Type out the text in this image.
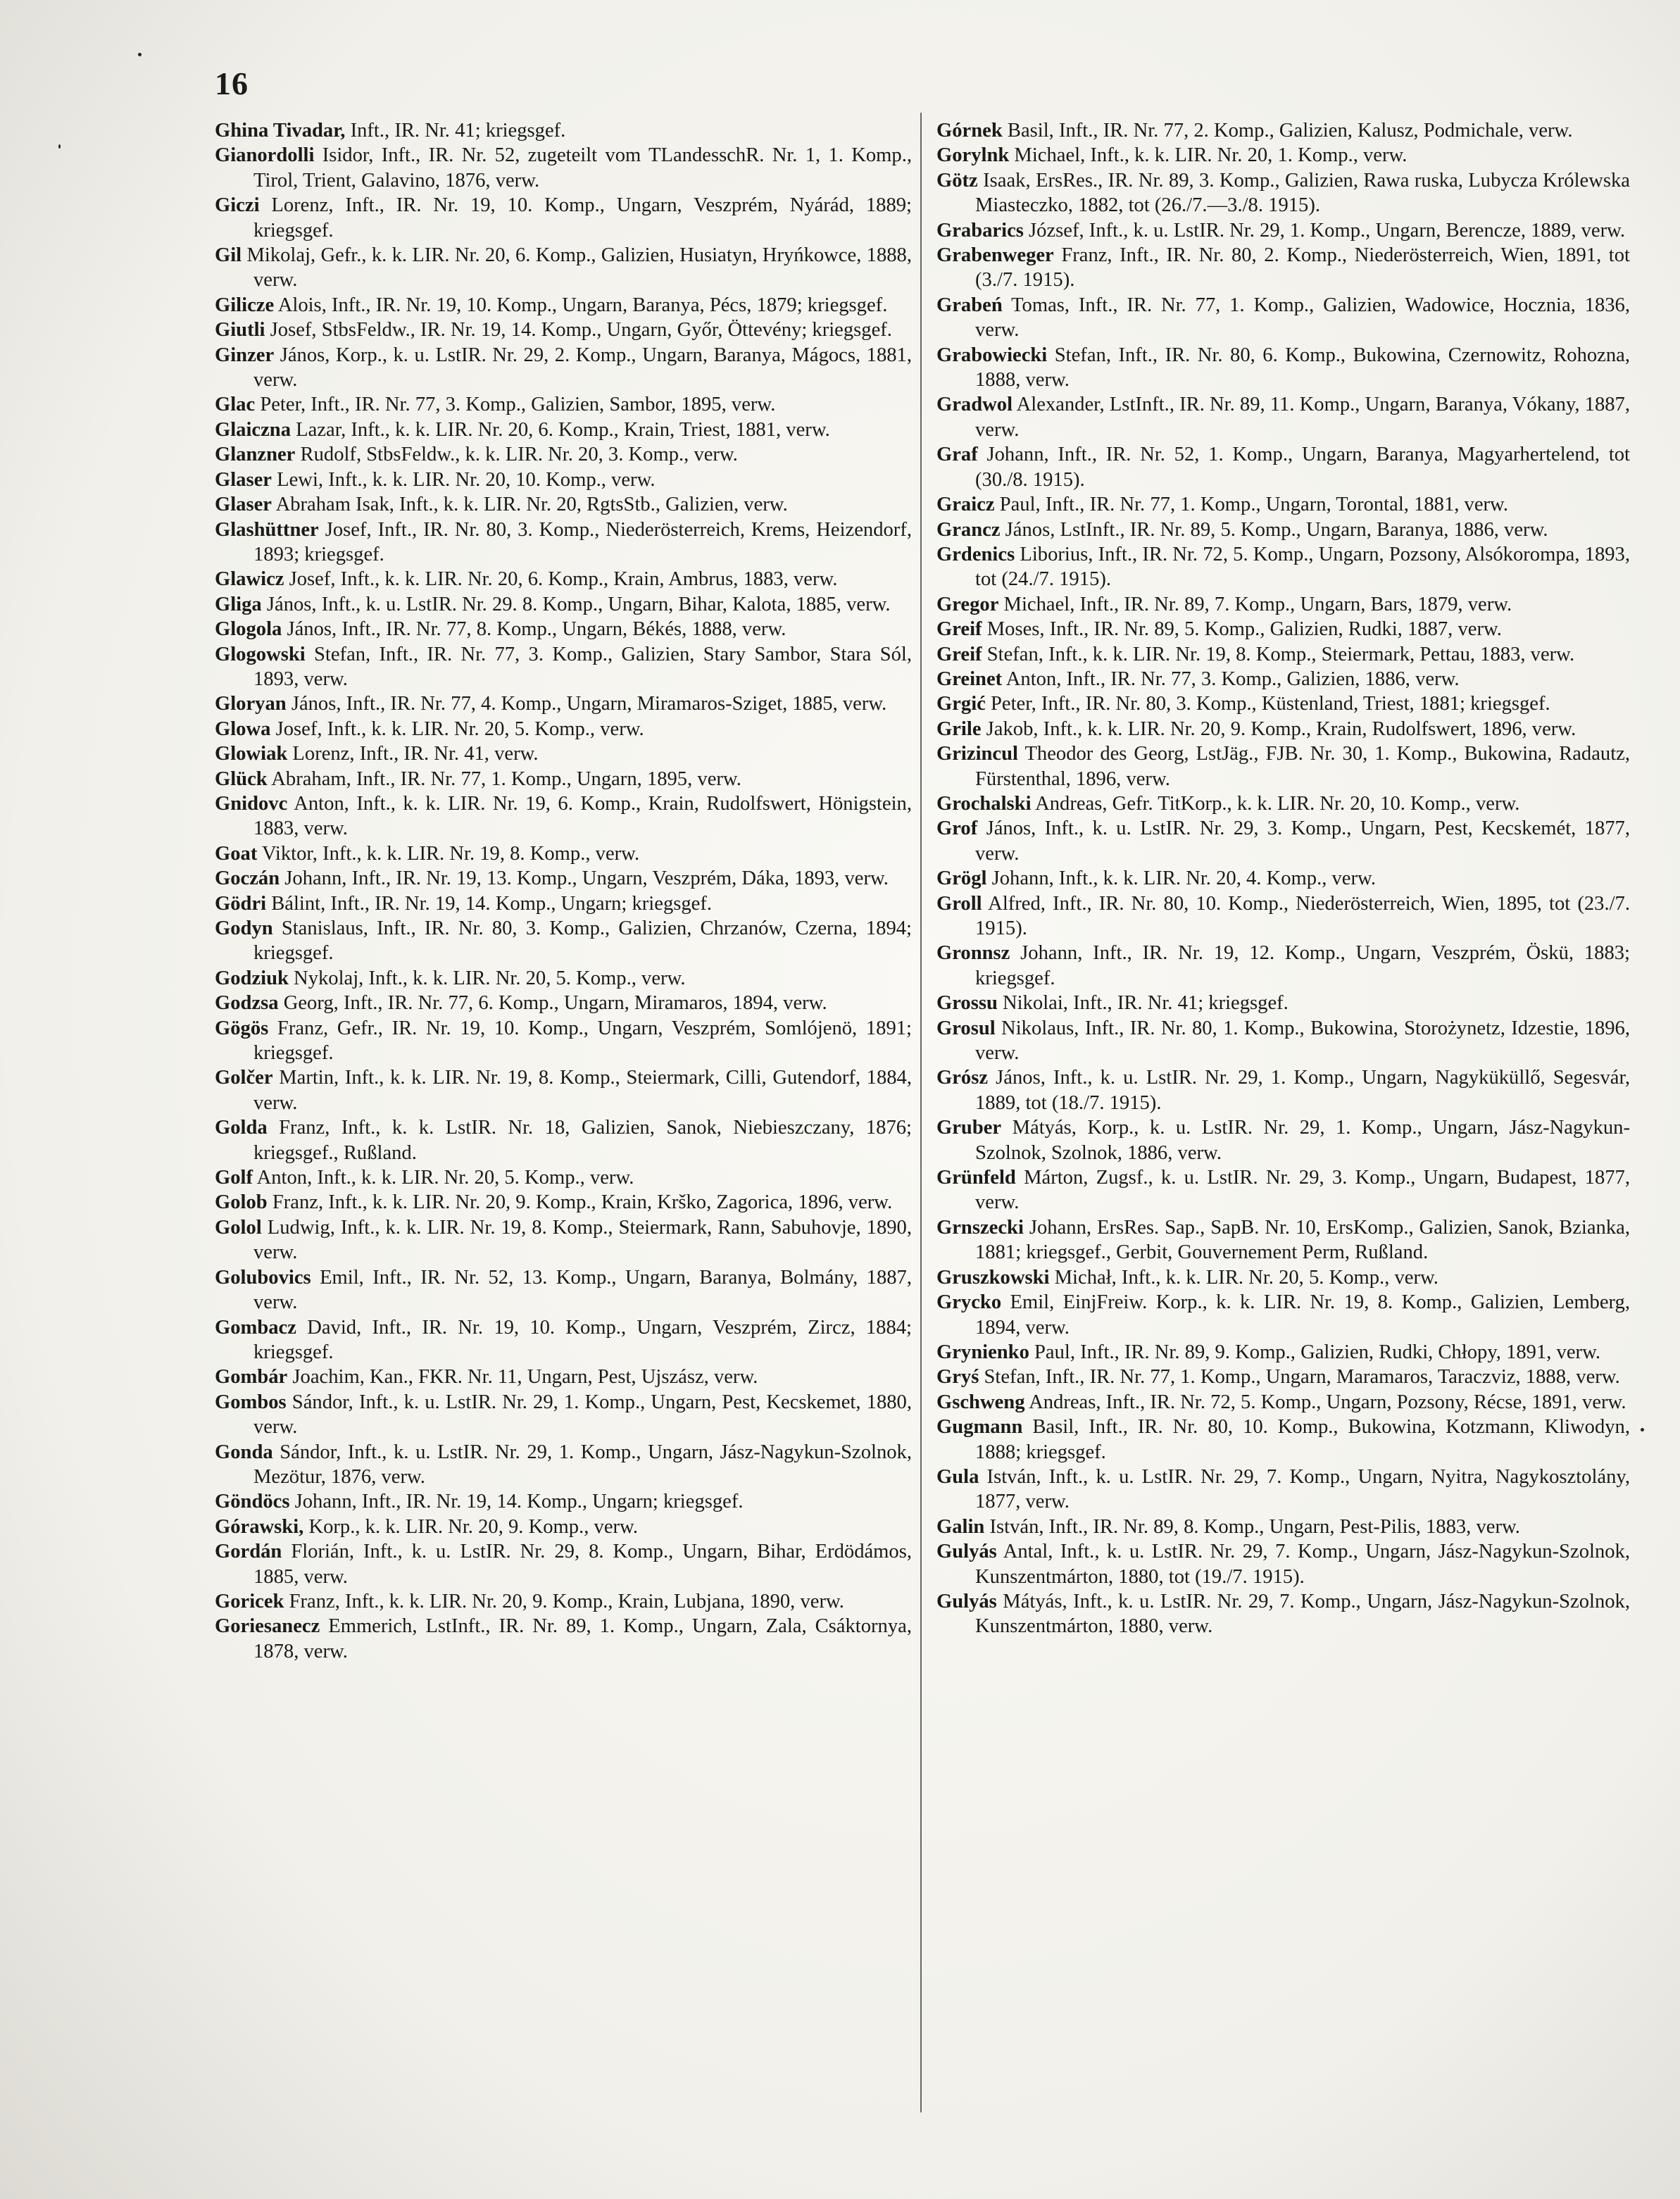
16
Ghina Tivadar, Inft., IR. Nr. 41; kriegsgef.
Gianordolli Isidor, Inft., IR. Nr. 52, zugeteilt vom TLandesschR. Nr. 1, 1. Komp., Tirol, Trient, Galavino, 1876, verw.
Giczi Lorenz, Inft., IR. Nr. 19, 10. Komp., Ungarn, Veszprém, Nyárád, 1889; kriegsgef.
Gil Mikolaj, Gefr., k. k. LIR. Nr. 20, 6. Komp., Galizien, Husiatyn, Hryńkowce, 1888, verw.
Gilicze Alois, Inft., IR. Nr. 19, 10. Komp., Ungarn, Baranya, Pécs, 1879; kriegsgef.
Giutli Josef, StbsFeldw., IR. Nr. 19, 14. Komp., Ungarn, Győr, Öttevény; kriegsgef.
Ginzer János, Korp., k. u. LstIR. Nr. 29, 2. Komp., Ungarn, Baranya, Mágocs, 1881, verw.
Glac Peter, Inft., IR. Nr. 77, 3. Komp., Galizien, Sambor, 1895, verw.
Glaiczna Lazar, Inft., k. k. LIR. Nr. 20, 6. Komp., Krain, Triest, 1881, verw.
Glanzner Rudolf, StbsFeldw., k. k. LIR. Nr. 20, 3. Komp., verw.
Glaser Lewi, Inft., k. k. LIR. Nr. 20, 10. Komp., verw.
Glaser Abraham Isak, Inft., k. k. LIR. Nr. 20, RgtsStb., Galizien, verw.
Glashüttner Josef, Inft., IR. Nr. 80, 3. Komp., Niederösterreich, Krems, Heizendorf, 1893; kriegsgef.
Glawicz Josef, Inft., k. k. LIR. Nr. 20, 6. Komp., Krain, Ambrus, 1883, verw.
Gliga János, Inft., k. u. LstIR. Nr. 29. 8. Komp., Ungarn, Bihar, Kalota, 1885, verw.
Glogola János, Inft., IR. Nr. 77, 8. Komp., Ungarn, Békés, 1888, verw.
Glogowski Stefan, Inft., IR. Nr. 77, 3. Komp., Galizien, Stary Sambor, Stara Sól, 1893, verw.
Gloryan János, Inft., IR. Nr. 77, 4. Komp., Ungarn, Miramaros-Sziget, 1885, verw.
Glowa Josef, Inft., k. k. LIR. Nr. 20, 5. Komp., verw.
Glowiak Lorenz, Inft., IR. Nr. 41, verw.
Glück Abraham, Inft., IR. Nr. 77, 1. Komp., Ungarn, 1895, verw.
Gnidovc Anton, Inft., k. k. LIR. Nr. 19, 6. Komp., Krain, Rudolfswert, Hönigstein, 1883, verw.
Goat Viktor, Inft., k. k. LIR. Nr. 19, 8. Komp., verw.
Goczán Johann, Inft., IR. Nr. 19, 13. Komp., Ungarn, Veszprém, Dáka, 1893, verw.
Gödri Bálint, Inft., IR. Nr. 19, 14. Komp., Ungarn; kriegsgef.
Godyn Stanislaus, Inft., IR. Nr. 80, 3. Komp., Galizien, Chrzanów, Czerna, 1894; kriegsgef.
Godziuk Nykolaj, Inft., k. k. LIR. Nr. 20, 5. Komp., verw.
Godzsa Georg, Inft., IR. Nr. 77, 6. Komp., Ungarn, Miramaros, 1894, verw.
Gögös Franz, Gefr., IR. Nr. 19, 10. Komp., Ungarn, Veszprém, Somlójenö, 1891; kriegsgef.
Golčer Martin, Inft., k. k. LIR. Nr. 19, 8. Komp., Steiermark, Cilli, Gutendorf, 1884, verw.
Golda Franz, Inft., k. k. LstIR. Nr. 18, Galizien, Sanok, Niebieszczany, 1876; kriegsgef., Rußland.
Golf Anton, Inft., k. k. LIR. Nr. 20, 5. Komp., verw.
Golob Franz, Inft., k. k. LIR. Nr. 20, 9. Komp., Krain, Krško, Zagorica, 1896, verw.
Golol Ludwig, Inft., k. k. LIR. Nr. 19, 8. Komp., Steiermark, Rann, Sabuhovje, 1890, verw.
Golubovics Emil, Inft., IR. Nr. 52, 13. Komp., Ungarn, Baranya, Bolmány, 1887, verw.
Gombacz David, Inft., IR. Nr. 19, 10. Komp., Ungarn, Veszprém, Zircz, 1884; kriegsgef.
Gombár Joachim, Kan., FKR. Nr. 11, Ungarn, Pest, Ujszász, verw.
Gombos Sándor, Inft., k. u. LstIR. Nr. 29, 1. Komp., Ungarn, Pest, Kecskemet, 1880, verw.
Gonda Sándor, Inft., k. u. LstIR. Nr. 29, 1. Komp., Ungarn, Jász-Nagykun-Szolnok, Mezötur, 1876, verw.
Göndöcs Johann, Inft., IR. Nr. 19, 14. Komp., Ungarn; kriegsgef.
Górawski, Korp., k. k. LIR. Nr. 20, 9. Komp., verw.
Gordán Florián, Inft., k. u. LstIR. Nr. 29, 8. Komp., Ungarn, Bihar, Erdödámos, 1885, verw.
Goricek Franz, Inft., k. k. LIR. Nr. 20, 9. Komp., Krain, Lubjana, 1890, verw.
Goriesanecz Emmerich, LstInft., IR. Nr. 89, 1. Komp., Ungarn, Zala, Csáktornya, 1878, verw.
Górnek Basil, Inft., IR. Nr. 77, 2. Komp., Galizien, Kalusz, Podmichale, verw.
Gorylnk Michael, Inft., k. k. LIR. Nr. 20, 1. Komp., verw.
Götz Isaak, ErsRes., IR. Nr. 89, 3. Komp., Galizien, Rawa ruska, Lubycza Królewska Miasteczko, 1882, tot (26./7.—3./8. 1915).
Grabarics József, Inft., k. u. LstIR. Nr. 29, 1. Komp., Ungarn, Berencze, 1889, verw.
Grabenweger Franz, Inft., IR. Nr. 80, 2. Komp., Niederösterreich, Wien, 1891, tot (3./7. 1915).
Grabeń Tomas, Inft., IR. Nr. 77, 1. Komp., Galizien, Wadowice, Hocznia, 1836, verw.
Grabowiecki Stefan, Inft., IR. Nr. 80, 6. Komp., Bukowina, Czernowitz, Rohozna, 1888, verw.
Gradwol Alexander, LstInft., IR. Nr. 89, 11. Komp., Ungarn, Baranya, Vókany, 1887, verw.
Graf Johann, Inft., IR. Nr. 52, 1. Komp., Ungarn, Baranya, Magyarhertelend, tot (30./8. 1915).
Graicz Paul, Inft., IR. Nr. 77, 1. Komp., Ungarn, Torontal, 1881, verw.
Grancz János, LstInft., IR. Nr. 89, 5. Komp., Ungarn, Baranya, 1886, verw.
Grdenics Liborius, Inft., IR. Nr. 72, 5. Komp., Ungarn, Pozsony, Alsókorompa, 1893, tot (24./7. 1915).
Gregor Michael, Inft., IR. Nr. 89, 7. Komp., Ungarn, Bars, 1879, verw.
Greif Moses, Inft., IR. Nr. 89, 5. Komp., Galizien, Rudki, 1887, verw.
Greif Stefan, Inft., k. k. LIR. Nr. 19, 8. Komp., Steiermark, Pettau, 1883, verw.
Greinet Anton, Inft., IR. Nr. 77, 3. Komp., Galizien, 1886, verw.
Grgić Peter, Inft., IR. Nr. 80, 3. Komp., Küstenland, Triest, 1881; kriegsgef.
Grile Jakob, Inft., k. k. LIR. Nr. 20, 9. Komp., Krain, Rudolfswert, 1896, verw.
Grizincul Theodor des Georg, LstJäg., FJB. Nr. 30, 1. Komp., Bukowina, Radautz, Fürstenthal, 1896, verw.
Grochalski Andreas, Gefr. TitKorp., k. k. LIR. Nr. 20, 10. Komp., verw.
Grof János, Inft., k. u. LstIR. Nr. 29, 3. Komp., Ungarn, Pest, Kecskemét, 1877, verw.
Grögl Johann, Inft., k. k. LIR. Nr. 20, 4. Komp., verw.
Groll Alfred, Inft., IR. Nr. 80, 10. Komp., Niederösterreich, Wien, 1895, tot (23./7. 1915).
Gronnsz Johann, Inft., IR. Nr. 19, 12. Komp., Ungarn, Veszprém, Öskü, 1883; kriegsgef.
Grossu Nikolai, Inft., IR. Nr. 41; kriegsgef.
Grosul Nikolaus, Inft., IR. Nr. 80, 1. Komp., Bukowina, Storożynetz, Idzestie, 1896, verw.
Grósz János, Inft., k. u. LstIR. Nr. 29, 1. Komp., Ungarn, Nagyküküllő, Segesvár, 1889, tot (18./7. 1915).
Gruber Mátyás, Korp., k. u. LstIR. Nr. 29, 1. Komp., Ungarn, Jász-Nagykun-Szolnok, Szolnok, 1886, verw.
Grünfeld Márton, Zugsf., k. u. LstIR. Nr. 29, 3. Komp., Ungarn, Budapest, 1877, verw.
Grnszecki Johann, ErsRes. Sap., SapB. Nr. 10, ErsKomp., Galizien, Sanok, Bzianka, 1881; kriegsgef., Gerbit, Gouvernement Perm, Rußland.
Gruszkowski Michał, Inft., k. k. LIR. Nr. 20, 5. Komp., verw.
Grycko Emil, EinjFreiw. Korp., k. k. LIR. Nr. 19, 8. Komp., Galizien, Lemberg, 1894, verw.
Grynienko Paul, Inft., IR. Nr. 89, 9. Komp., Galizien, Rudki, Chłopy, 1891, verw.
Gryś Stefan, Inft., IR. Nr. 77, 1. Komp., Ungarn, Maramaros, Taraczviz, 1888, verw.
Gschweng Andreas, Inft., IR. Nr. 72, 5. Komp., Ungarn, Pozsony, Récse, 1891, verw.
Gugmann Basil, Inft., IR. Nr. 80, 10. Komp., Bukowina, Kotzmann, Kliwodyn, 1888; kriegsgef.
Gula István, Inft., k. u. LstIR. Nr. 29, 7. Komp., Ungarn, Nyitra, Nagykosztolány, 1877, verw.
Galin István, Inft., IR. Nr. 89, 8. Komp., Ungarn, Pest-Pilis, 1883, verw.
Gulyás Antal, Inft., k. u. LstIR. Nr. 29, 7. Komp., Ungarn, Jász-Nagykun-Szolnok, Kunszentmárton, 1880, tot (19./7. 1915).
Gulyás Mátyás, Inft., k. u. LstIR. Nr. 29, 7. Komp., Ungarn, Jász-Nagykun-Szolnok, Kunszentmárton, 1880, verw.
